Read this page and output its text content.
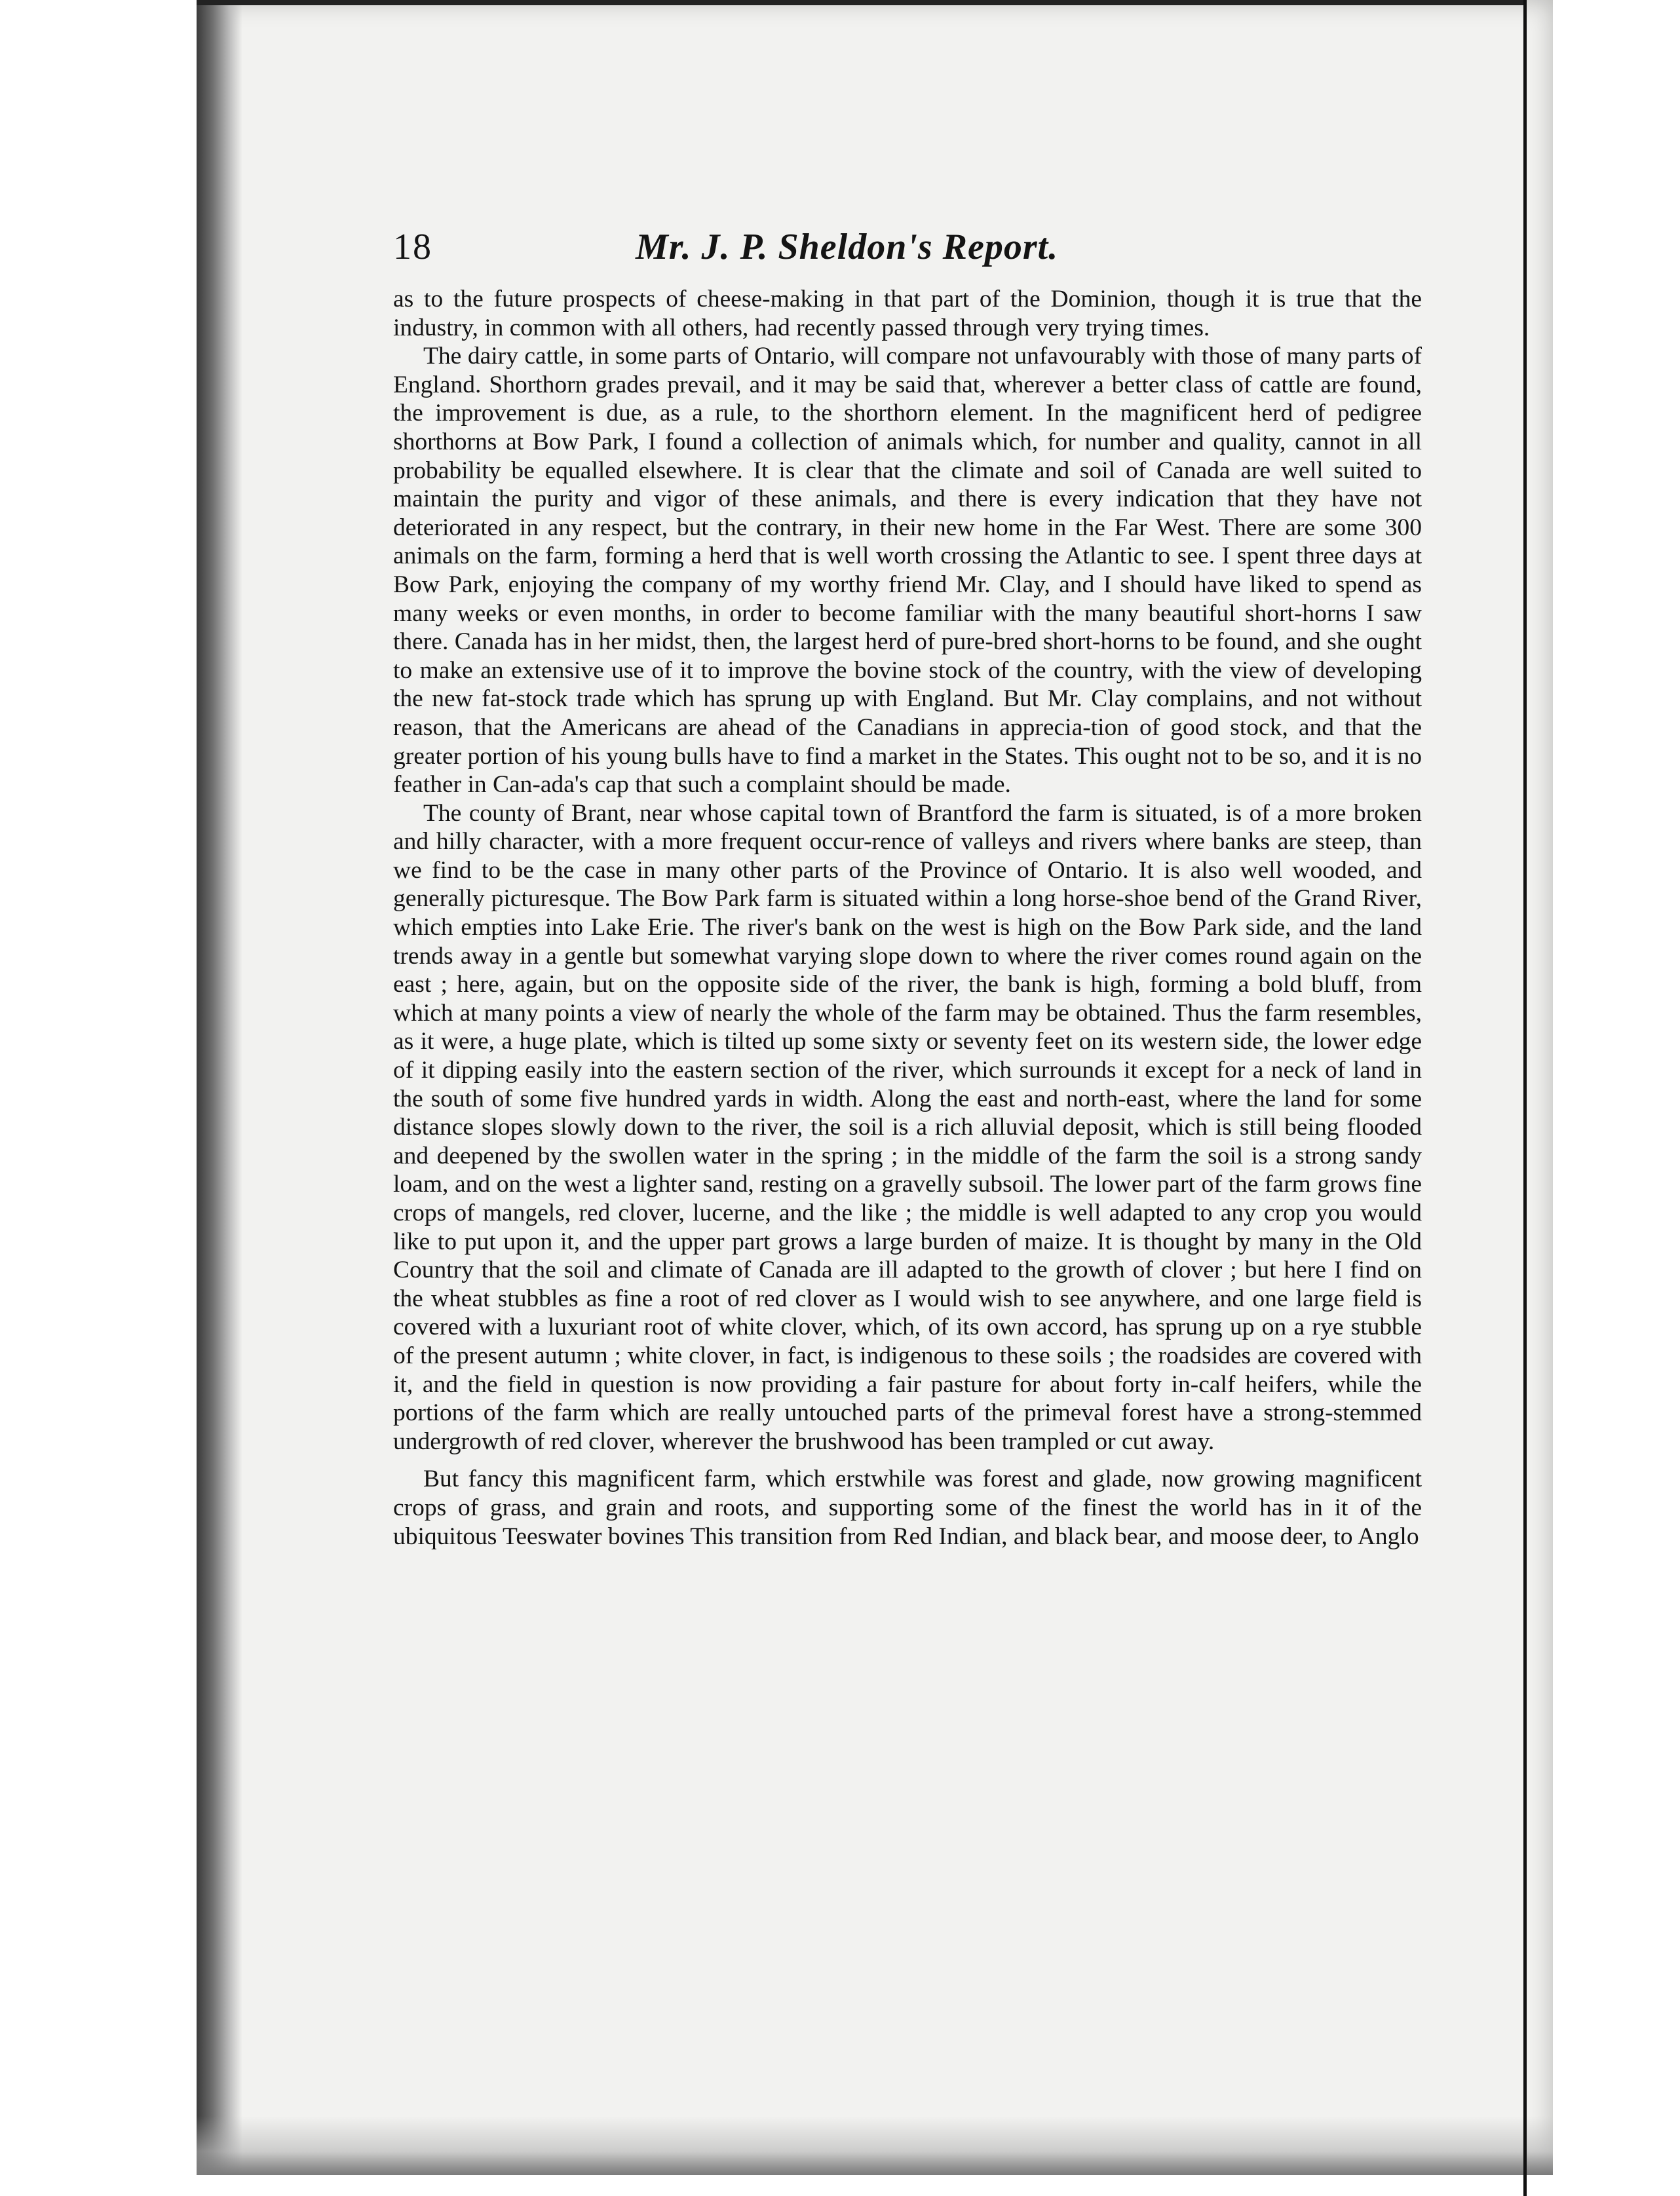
18	Mr. J. P. Sheldon's Report.

as to the future prospects of cheese-making in that part of the Dominion, though it is true that the industry, in common with all others, had recently passed through very trying times.

The dairy cattle, in some parts of Ontario, will compare not unfavourably with those of many parts of England. Shorthorn grades prevail, and it may be said that, wherever a better class of cattle are found, the improvement is due, as a rule, to the shorthorn element. In the magnificent herd of pedigree shorthorns at Bow Park, I found a collection of animals which, for number and quality, cannot in all probability be equalled elsewhere. It is clear that the climate and soil of Canada are well suited to maintain the purity and vigor of these animals, and there is every indication that they have not deteriorated in any respect, but the contrary, in their new home in the Far West. There are some 300 animals on the farm, forming a herd that is well worth crossing the Atlantic to see. I spent three days at Bow Park, enjoying the company of my worthy friend Mr. Clay, and I should have liked to spend as many weeks or even months, in order to become familiar with the many beautiful short-horns I saw there. Canada has in her midst, then, the largest herd of pure-bred short-horns to be found, and she ought to make an extensive use of it to improve the bovine stock of the country, with the view of developing the new fat-stock trade which has sprung up with England. But Mr. Clay complains, and not without reason, that the Americans are ahead of the Canadians in apprecia-tion of good stock, and that the greater portion of his young bulls have to find a market in the States. This ought not to be so, and it is no feather in Can-ada's cap that such a complaint should be made.

The county of Brant, near whose capital town of Brantford the farm is situated, is of a more broken and hilly character, with a more frequent occur-rence of valleys and rivers where banks are steep, than we find to be the case in many other parts of the Province of Ontario. It is also well wooded, and generally picturesque. The Bow Park farm is situated within a long horse-shoe bend of the Grand River, which empties into Lake Erie. The river's bank on the west is high on the Bow Park side, and the land trends away in a gentle but somewhat varying slope down to where the river comes round again on the east ; here, again, but on the opposite side of the river, the bank is high, forming a bold bluff, from which at many points a view of nearly the whole of the farm may be obtained. Thus the farm resembles, as it were, a huge plate, which is tilted up some sixty or seventy feet on its western side, the lower edge of it dipping easily into the eastern section of the river, which surrounds it except for a neck of land in the south of some five hundred yards in width. Along the east and north-east, where the land for some distance slopes slowly down to the river, the soil is a rich alluvial deposit, which is still being flooded and deepened by the swollen water in the spring ; in the middle of the farm the soil is a strong sandy loam, and on the west a lighter sand, resting on a gravelly subsoil. The lower part of the farm grows fine crops of mangels, red clover, lucerne, and the like ; the middle is well adapted to any crop you would like to put upon it, and the upper part grows a large burden of maize. It is thought by many in the Old Country that the soil and climate of Canada are ill adapted to the growth of clover ; but here I find on the wheat stubbles as fine a root of red clover as I would wish to see anywhere, and one large field is covered with a luxuriant root of white clover, which, of its own accord, has sprung up on a rye stubble of the present autumn ; white clover, in fact, is indigenous to these soils ; the roadsides are covered with it, and the field in question is now providing a fair pasture for about forty in-calf heifers, while the portions of the farm which are really untouched parts of the primeval forest have a strong-stemmed undergrowth of red clover, wherever the brushwood has been trampled or cut away.

But fancy this magnificent farm, which erstwhile was forest and glade, now growing magnificent crops of grass, and grain and roots, and supporting some of the finest the world has in it of the ubiquitous Teeswater bovines This transition from Red Indian, and black bear, and moose deer, to Anglo
